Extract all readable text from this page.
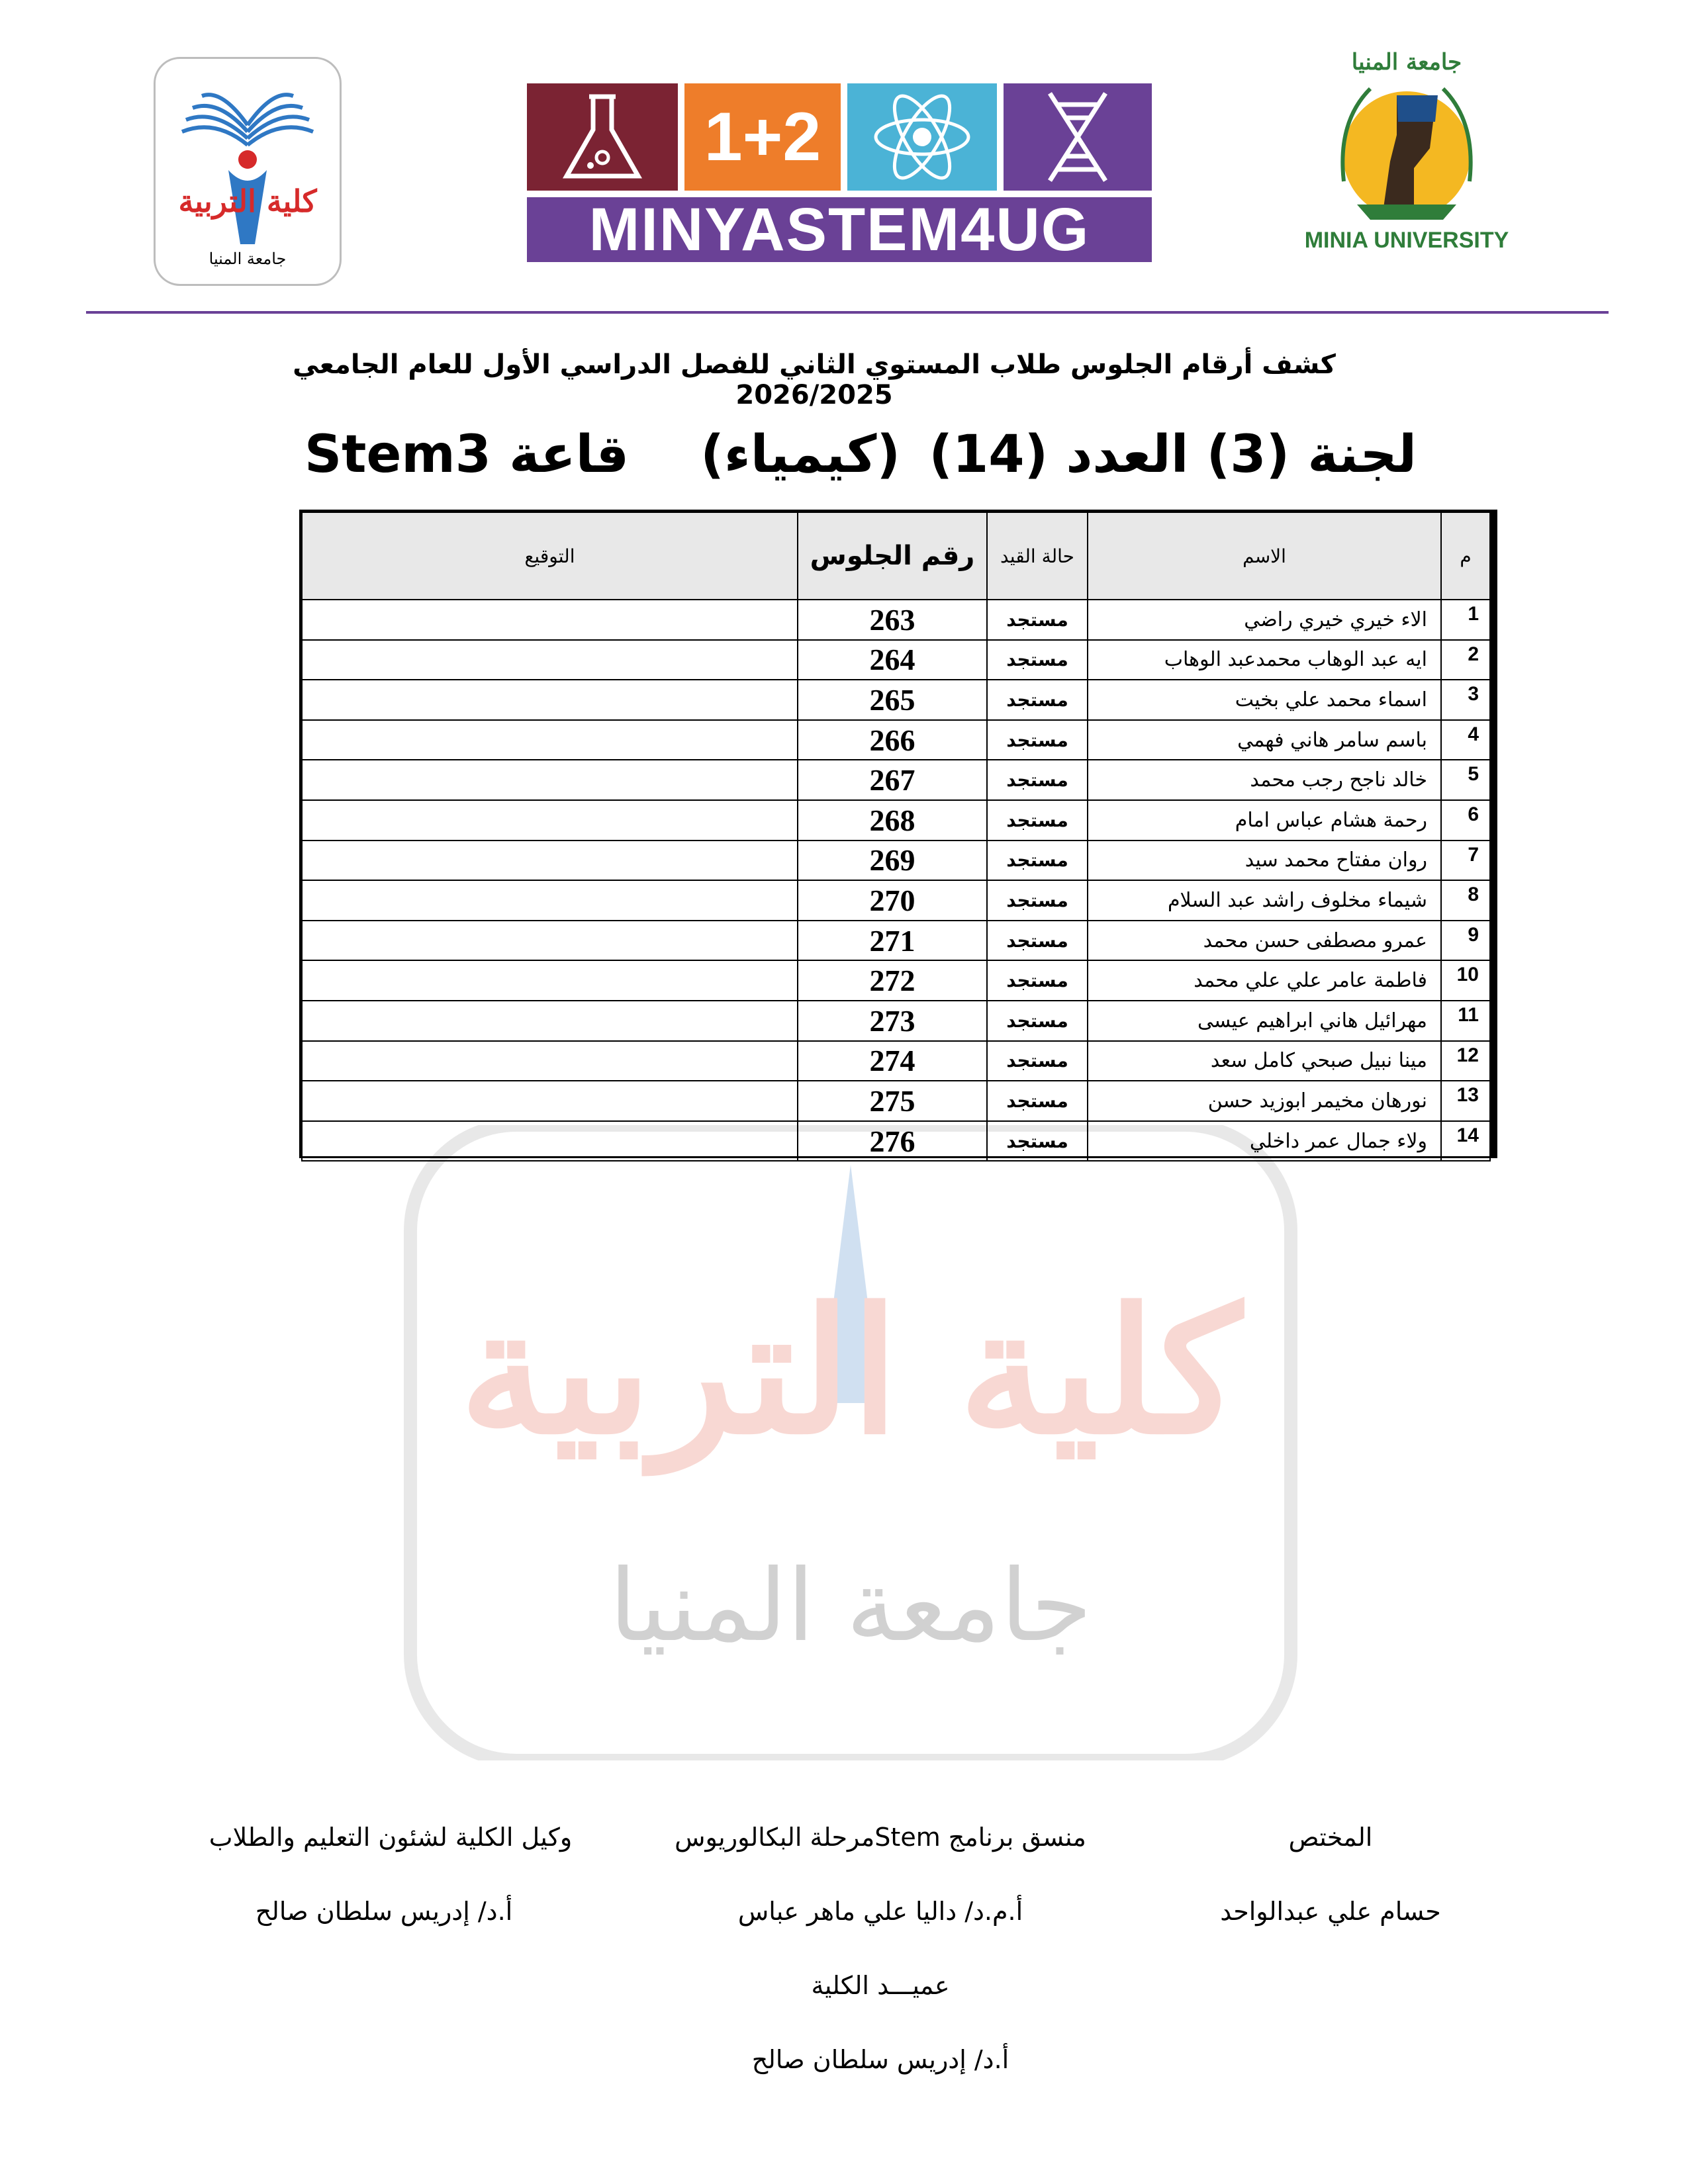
كلية التربية
جامعة المنيا
1+2
MINYASTEM4UG
جامعة المنيا
MINIA UNIVERSITY
كشف أرقام الجلوس طلاب المستوي الثاني للفصل الدراسي الأول للعام الجامعي 2026/2025
لجنة (3) العدد (14)
(كيمياء)
قاعة Stem3
كلية التربية
جامعة المنيا
م	الاسم	حالة القيد	رقم الجلوس	التوقيع
1	الاء خيري خيري راضي	مستجد	263	
2	ايه عبد الوهاب محمدعبد الوهاب	مستجد	264	
3	اسماء محمد علي بخيت	مستجد	265	
4	باسم سامر هاني فهمي	مستجد	266	
5	خالد ناجح رجب محمد	مستجد	267	
6	رحمة هشام عباس امام	مستجد	268	
7	روان مفتاح محمد سيد	مستجد	269	
8	شيماء مخلوف راشد عبد السلام	مستجد	270	
9	عمرو مصطفى حسن محمد	مستجد	271	
10	فاطمة عامر علي علي محمد	مستجد	272	
11	مهرائيل هاني ابراهيم عيسى	مستجد	273	
12	مينا نبيل صبحي كامل سعد	مستجد	274	
13	نورهان مخيمر ابوزيد حسن	مستجد	275	
14	ولاء جمال عمر داخلي	مستجد	276	
المختص
حسام علي عبدالواحد
منسق برنامج Stemمرحلة البكالوريوس
أ.م.د/ داليا علي ماهر عباس
وكيل الكلية لشئون التعليم والطلاب
أ.د/ إدريس سلطان صالح
عميـــد الكلية
أ.د/ إدريس سلطان صالح
